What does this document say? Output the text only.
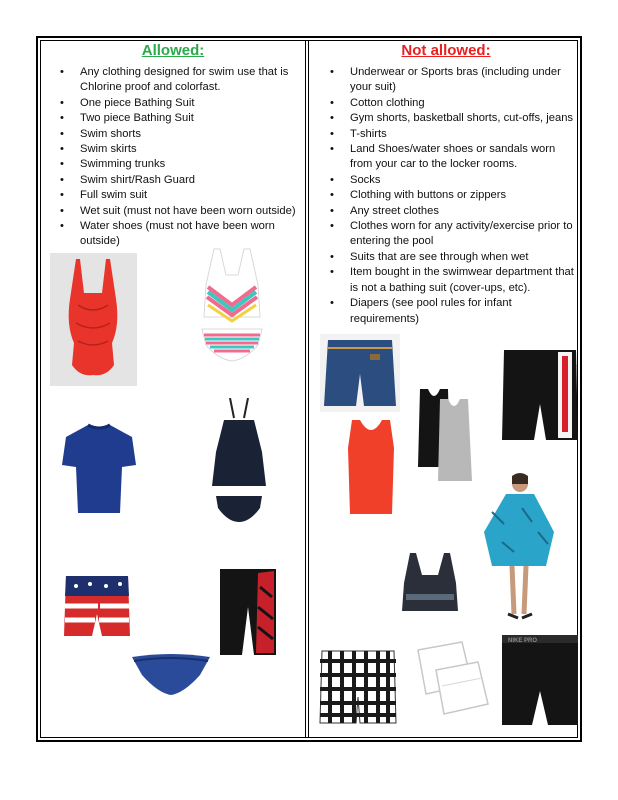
Allowed:
• Any clothing designed for swim use that is Chlorine proof and colorfast.
• One piece Bathing Suit
• Two piece Bathing Suit
• Swim shorts
• Swim skirts
• Swimming trunks
• Swim shirt/Rash Guard
• Full swim suit
• Wet suit (must not have been worn outside)
• Water shoes (must not have been worn outside)
Not allowed:
• Underwear or Sports bras (including under your suit)
• Cotton clothing
• Gym shorts, basketball shorts, cut-offs, jeans
• T-shirts
• Land Shoes/water shoes or sandals worn from your car to the locker rooms.
• Socks
• Clothing with buttons or zippers
• Any street clothes
• Clothes worn for any activity/exercise prior to entering the pool
• Suits that are see through when wet
• Item bought in the swimwear department that is not a bathing suit (cover-ups, etc).
• Diapers (see pool rules for infant requirements)
JORDAN
NIKE PRO
